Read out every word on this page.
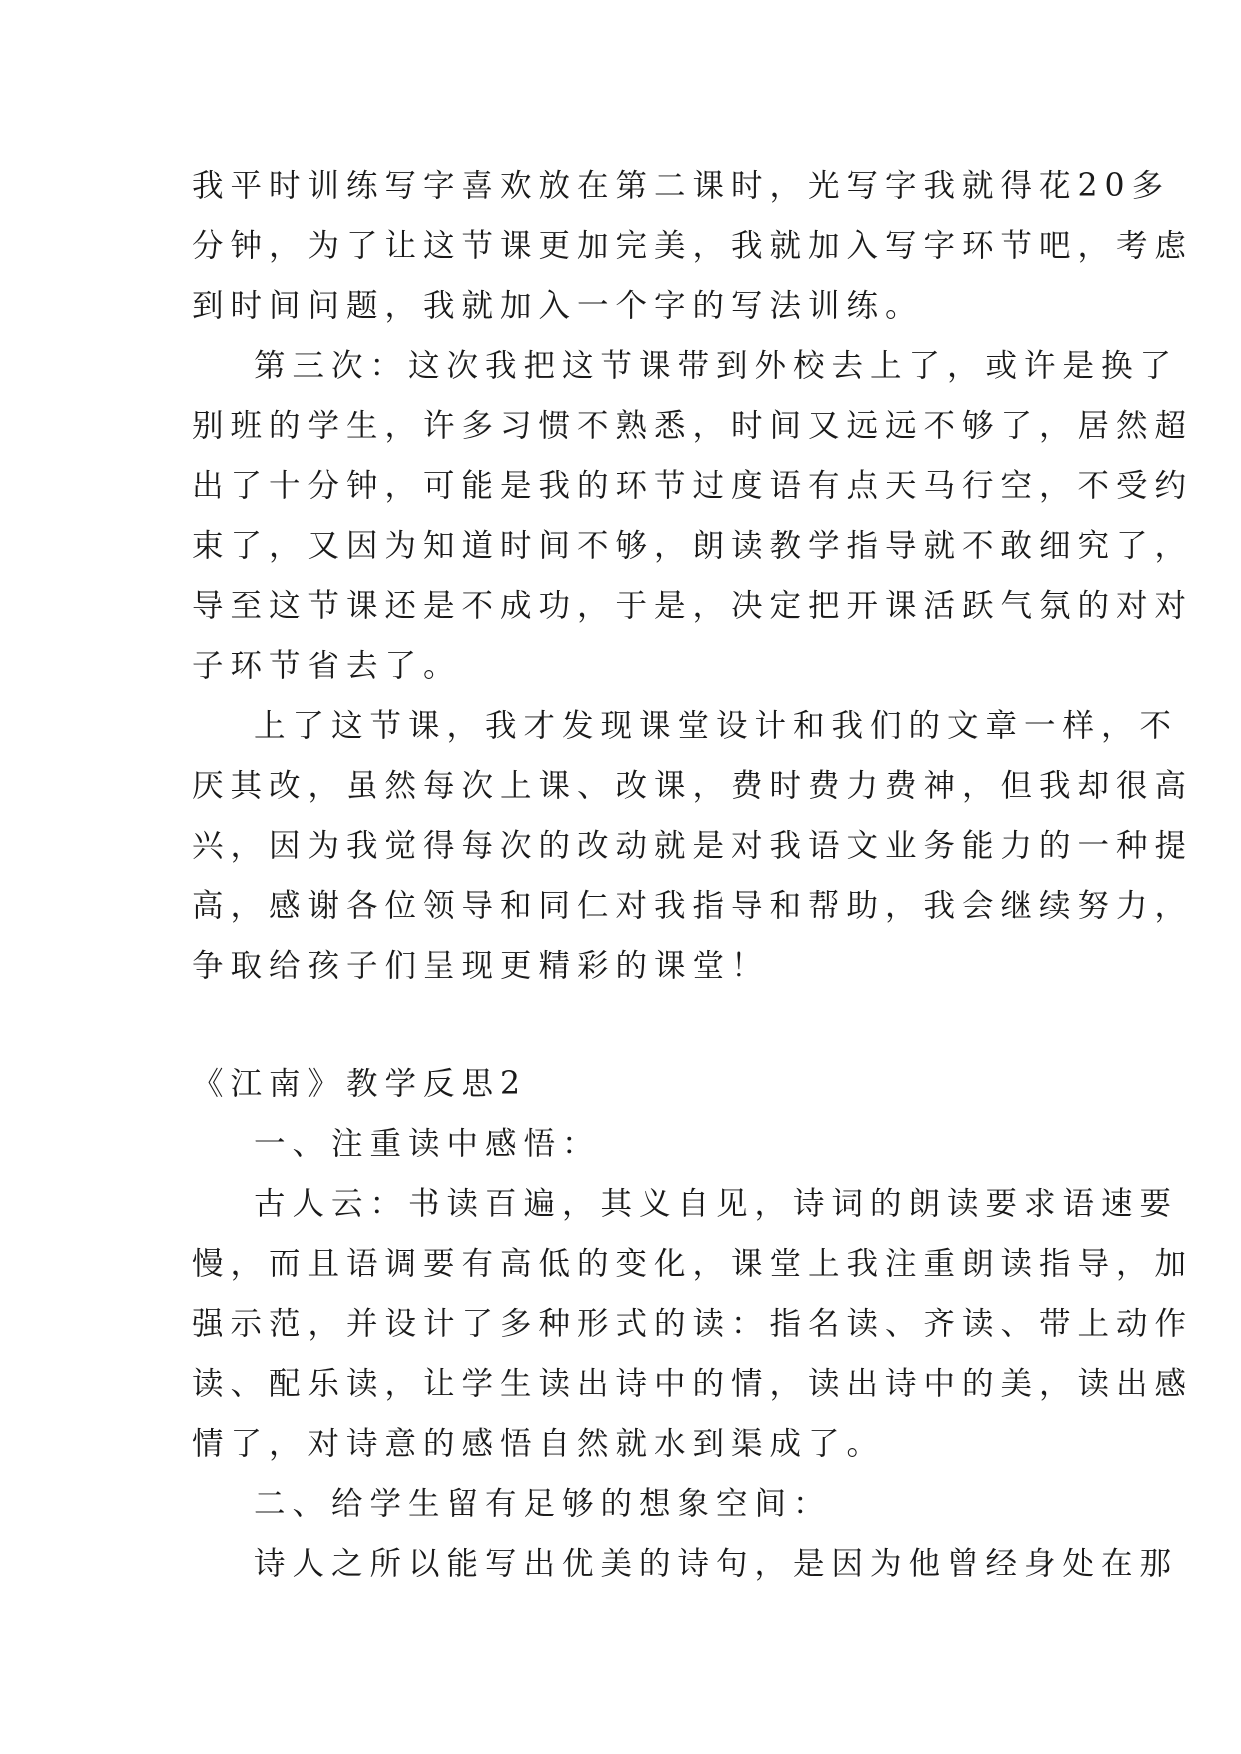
我平时训练写字喜欢放在第二课时，光写字我就得花20多
分钟，为了让这节课更加完美，我就加入写字环节吧，考虑
到时间问题，我就加入一个字的写法训练。
第三次：这次我把这节课带到外校去上了，或许是换了
别班的学生，许多习惯不熟悉，时间又远远不够了，居然超
出了十分钟，可能是我的环节过度语有点天马行空，不受约
束了，又因为知道时间不够，朗读教学指导就不敢细究了，
导至这节课还是不成功，于是，决定把开课活跃气氛的对对
子环节省去了。
上了这节课，我才发现课堂设计和我们的文章一样，不
厌其改，虽然每次上课、改课，费时费力费神，但我却很高
兴，因为我觉得每次的改动就是对我语文业务能力的一种提
高，感谢各位领导和同仁对我指导和帮助，我会继续努力，
争取给孩子们呈现更精彩的课堂！
《江南》教学反思2
一、注重读中感悟：
古人云：书读百遍，其义自见，诗词的朗读要求语速要
慢，而且语调要有高低的变化，课堂上我注重朗读指导，加
强示范，并设计了多种形式的读：指名读、齐读、带上动作
读、配乐读，让学生读出诗中的情，读出诗中的美，读出感
情了，对诗意的感悟自然就水到渠成了。
二、给学生留有足够的想象空间：
诗人之所以能写出优美的诗句，是因为他曾经身处在那
